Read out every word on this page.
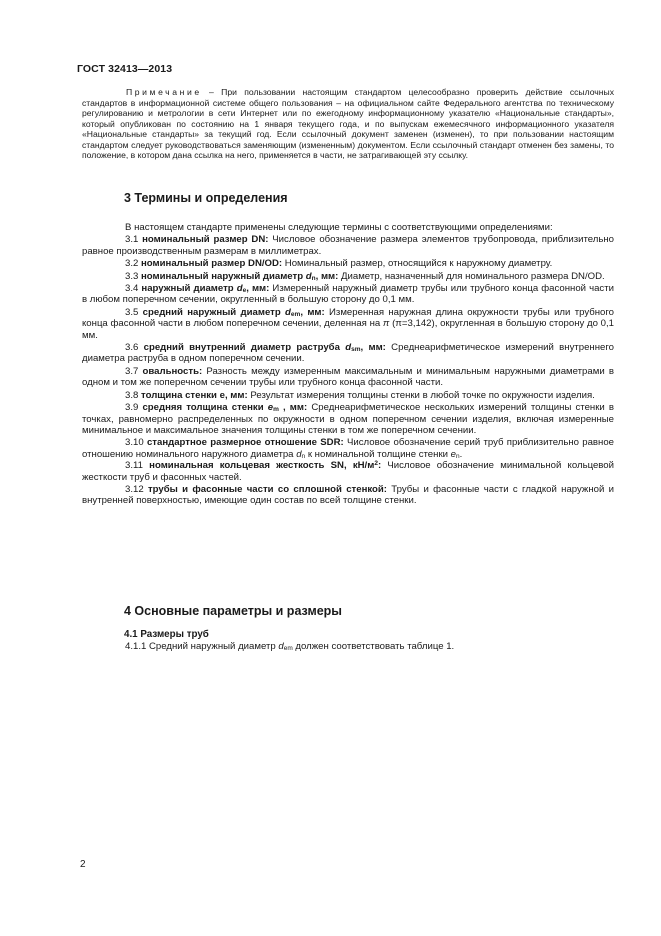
ГОСТ 32413—2013

Примечание – При пользовании настоящим стандартом целесообразно проверить действие ссылочных стандартов в информационной системе общего пользования – на официальном сайте Федерального агентства по техническому регулированию и метрологии в сети Интернет или по ежегодному информационному указателю «Национальные стандарты», который опубликован по состоянию на 1 января текущего года, и по выпускам ежемесячного информационного указателя «Национальные стандарты» за текущий год. Если ссылочный документ заменен (изменен), то при пользовании настоящим стандартом следует руководствоваться заменяющим (измененным) документом. Если ссылочный стандарт отменен без замены, то положение, в котором дана ссылка на него, применяется в части, не затрагивающей эту ссылку.

3 Термины и определения

В настоящем стандарте применены следующие термины с соответствующими определениями:

3.1 номинальный размер DN: Числовое обозначение размера элементов трубопровода, приблизительно равное производственным размерам в миллиметрах.

3.2 номинальный размер DN/OD: Номинальный размер, относящийся к наружному диаметру.

3.3 номинальный наружный диаметр $d_n$, мм: Диаметр, назначенный для номинального размера DN/OD.

3.4 наружный диаметр $d_e$, мм: Измеренный наружный диаметр трубы или трубного конца фасонной части в любом поперечном сечении, округленный в большую сторону до 0,1 мм.

3.5 средний наружный диаметр $d_{em}$, мм: Измеренная наружная длина окружности трубы или трубного конца фасонной части в любом поперечном сечении, деленная на π (π=3,142), округленная в большую сторону до 0,1 мм.

3.6 средний внутренний диаметр раструба $d_{sm}$, мм: Среднеарифметическое измерений внутреннего диаметра раструба в одном поперечном сечении.

3.7 овальность: Разность между измеренным максимальным и минимальным наружными диаметрами в одном и том же поперечном сечении трубы или трубного конца фасонной части.

3.8 толщина стенки e, мм: Результат измерения толщины стенки в любой точке по окружности изделия.

3.9 средняя толщина стенки $e_m$ , мм: Среднеарифметическое нескольких измерений толщины стенки в точках, равномерно распределенных по окружности в одном поперечном сечении изделия, включая измеренные минимальное и максимальное значения толщины стенки в том же поперечном сечении.

3.10 стандартное размерное отношение SDR: Числовое обозначение серий труб приблизительно равное отношению номинального наружного диаметра $d_n$ к номинальной толщине стенки $e_n$.

3.11 номинальная кольцевая жесткость SN, $кН/м^2$: Числовое обозначение минимальной кольцевой жесткости труб и фасонных частей.

3.12 трубы и фасонные части со сплошной стенкой: Трубы и фасонные части с гладкой наружной и внутренней поверхностью, имеющие один состав по всей толщине стенки.

4 Основные параметры и размеры
4.1 Размеры труб

4.1.1 Средний наружный диаметр $d_{em}$ должен соответствовать таблице 1.

2
